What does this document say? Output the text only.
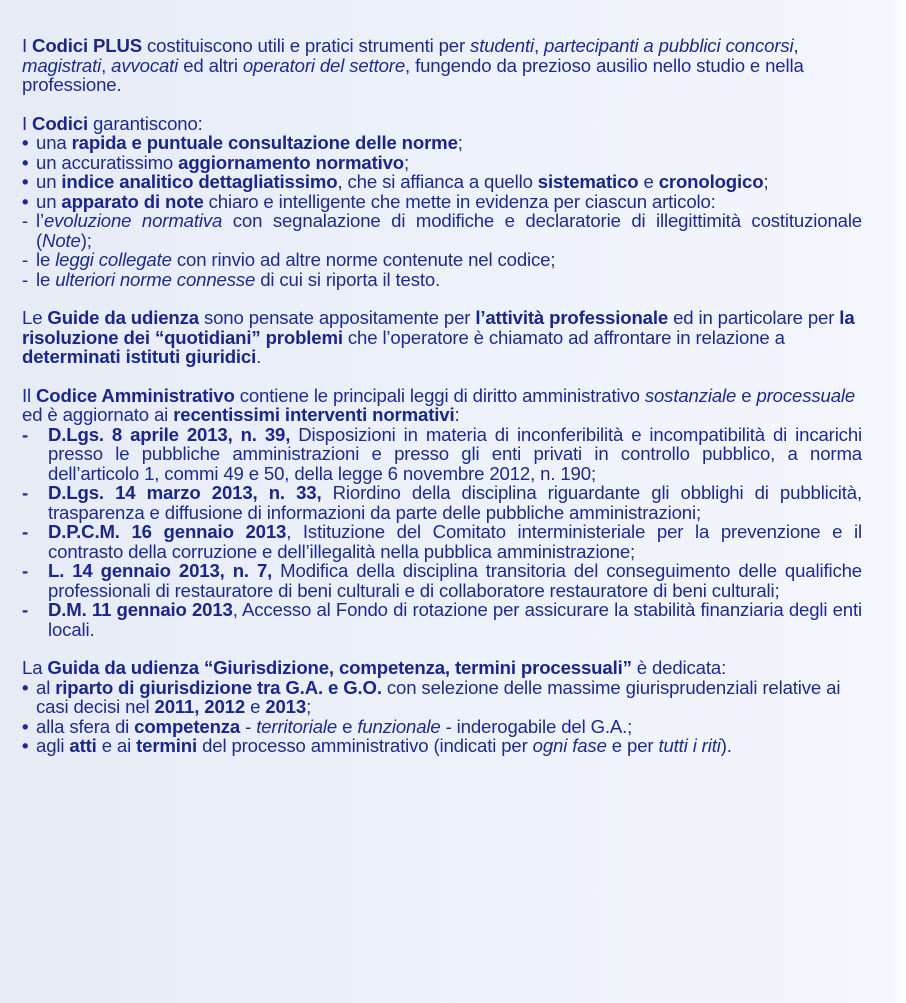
I Codici PLUS costituiscono utili e pratici strumenti per studenti, partecipanti a pubblici concorsi, magistrati, avvocati ed altri operatori del settore, fungendo da prezioso ausilio nello studio e nella professione.

I Codici garantiscono:

• una rapida e puntuale consultazione delle norme;

• un accuratissimo aggiornamento normativo;

• un indice analitico dettagliatissimo, che si affianca a quello sistematico e cronologico;

• un apparato di note chiaro e intelligente che mette in evidenza per ciascun articolo:

- l’evoluzione normativa con segnalazione di modifiche e declaratorie di illegittimità costituzionale (Note);

- le leggi collegate con rinvio ad altre norme contenute nel codice;

- le ulteriori norme connesse di cui si riporta il testo.

Le Guide da udienza sono pensate appositamente per l’attività professionale ed in particolare per la risoluzione dei “quotidiani” problemi che l’operatore è chiamato ad affrontare in relazione a determinati istituti giuridici.

Il Codice Amministrativo contiene le principali leggi di diritto amministrativo sostanziale e processuale ed è aggiornato ai recentissimi interventi normativi:

- D.Lgs. 8 aprile 2013, n. 39, Disposizioni in materia di inconferibilità e incompatibilità di incarichi presso le pubbliche amministrazioni e presso gli enti privati in controllo pubblico, a norma dell’articolo 1, commi 49 e 50, della legge 6 novembre 2012, n. 190;

- D.Lgs. 14 marzo 2013, n. 33, Riordino della disciplina riguardante gli obblighi di pubblicità, trasparenza e diffusione di informazioni da parte delle pubbliche amministrazioni;

- D.P.C.M. 16 gennaio 2013, Istituzione del Comitato interministeriale per la prevenzione e il contrasto della corruzione e dell’illegalità nella pubblica amministrazione;

- L. 14 gennaio 2013, n. 7, Modifica della disciplina transitoria del conseguimento delle qualifiche professionali di restauratore di beni culturali e di collaboratore restauratore di beni culturali;

- D.M. 11 gennaio 2013, Accesso al Fondo di rotazione per assicurare la stabilità finanziaria degli enti locali.

La Guida da udienza “Giurisdizione, competenza, termini processuali” è dedicata:

• al riparto di giurisdizione tra G.A. e G.O. con selezione delle massime giurisprudenziali relative ai casi decisi nel 2011, 2012 e 2013;

• alla sfera di competenza - territoriale e funzionale - inderogabile del G.A.;

• agli atti e ai termini del processo amministrativo (indicati per ogni fase e per tutti i riti).
